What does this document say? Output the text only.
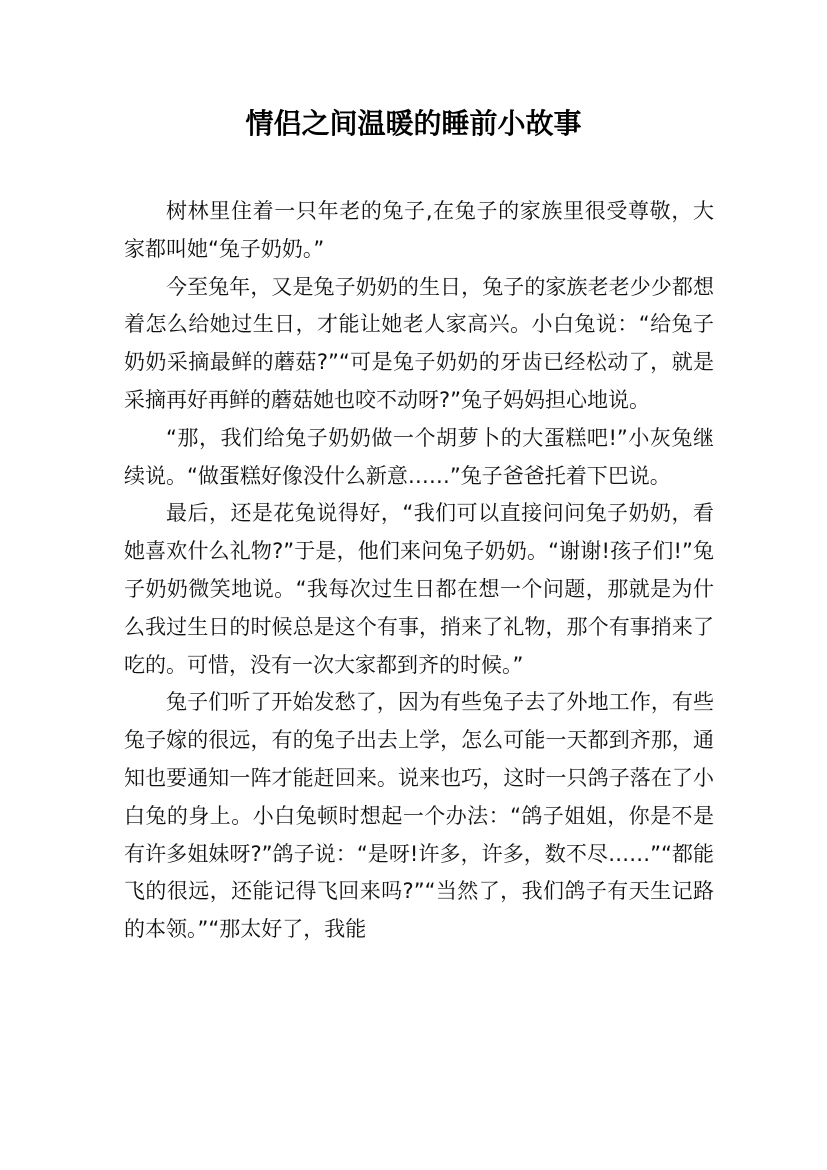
情侣之间温暖的睡前小故事

树林里住着一只年老的兔子,在兔子的家族里很受尊敬，大家都叫她“兔子奶奶。”

今至兔年，又是兔子奶奶的生日，兔子的家族老老少少都想着怎么给她过生日，才能让她老人家高兴。小白兔说：“给兔子奶奶采摘最鲜的蘑菇?”“可是兔子奶奶的牙齿已经松动了，就是采摘再好再鲜的蘑菇她也咬不动呀?”兔子妈妈担心地说。

“那，我们给兔子奶奶做一个胡萝卜的大蛋糕吧!”小灰兔继续说。“做蛋糕好像没什么新意……”兔子爸爸托着下巴说。

最后，还是花兔说得好，“我们可以直接问问兔子奶奶，看她喜欢什么礼物?”于是，他们来问兔子奶奶。“谢谢!孩子们!”兔子奶奶微笑地说。“我每次过生日都在想一个问题，那就是为什么我过生日的时候总是这个有事，捎来了礼物，那个有事捎来了吃的。可惜，没有一次大家都到齐的时候。”

兔子们听了开始发愁了，因为有些兔子去了外地工作，有些兔子嫁的很远，有的兔子出去上学，怎么可能一天都到齐那，通知也要通知一阵才能赶回来。说来也巧，这时一只鸽子落在了小白兔的身上。小白兔顿时想起一个办法：“鸽子姐姐，你是不是有许多姐妹呀?”鸽子说：“是呀!许多，许多，数不尽……”“都能飞的很远，还能记得飞回来吗?”“当然了，我们鸽子有天生记路的本领。”“那太好了，我能
